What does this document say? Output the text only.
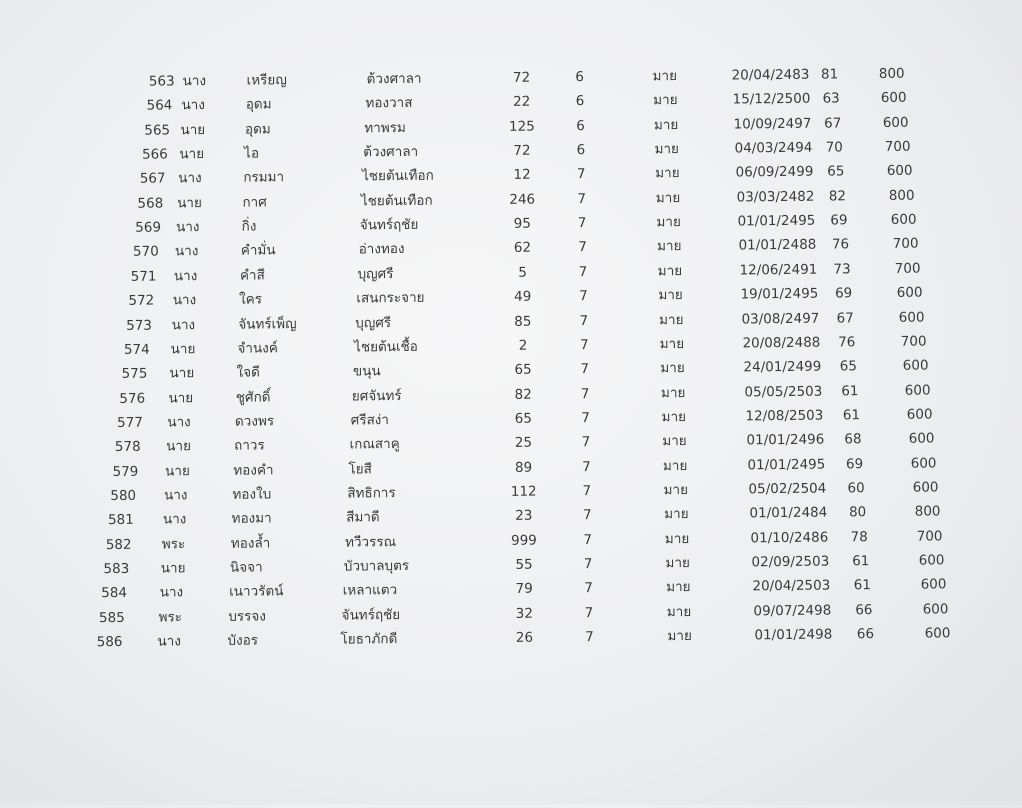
563 นาง	เหรียญ	ต้วงศาลา	72	6	มาย	20/04/2483 81	800
564 นาง	อุดม	ทองวาส	22	6	มาย	15/12/2500 63	600
565 นาย	อุดม	ทาพรม	125	6	มาย	10/09/2497 67	600
566 นาย	ไอ	ต้วงศาลา	72	6	มาย	04/03/2494 70	700
567 นาง	กรมมา	ไชยต้นเทือก	12	7	มาย	06/09/2499	65	600
568 นาย	กาศ	ไชยต้นเทือก	246	7	มาย	03/03/2482	82	800
569 นาง	กิ่ง	จันทร์ฤชัย	95	7	มาย	01/01/2495	69	600
570 นาง	คำมั่น	อ่างทอง	62	7	มาย	01/01/2488	76	700
571 นาง	คำสี	บุญศรี	5	7	มาย	12/06/2491	73	700
572 นาง	ใคร	เสนกระจาย	49	7	มาย	19/01/2495	69	600
573 นาง	จันทร์เพ็ญ	บุญศรี	85	7	มาย	03/08/2497	67	600
574 นาย	จำนงค์	ไชยต้นเชื้อ	2	7	มาย	20/08/2488	76	700
575 นาย	ใจดี	ขนุน	65	7	มาย	24/01/2499	65	600
576 นาย	ชูศักดิ์	ยศจันทร์	82	7	มาย	05/05/2503	61	600
577 นาง	ดวงพร	ศรีสง่า	65	7	มาย	12/08/2503	61	600
578 นาย	ถาวร	เกณสาคู	25	7	มาย	01/01/2496	68	600
579 นาย	ทองคำ	โยสี	89	7	มาย	01/01/2495	69	600
580 นาง	ทองใบ	สิทธิการ	112	7	มาย	05/02/2504	60	600
581 นาง	ทองมา	สีมาดี	23	7	มาย	01/01/2484	80	800
582 พระ	ทองล้ำ	ทวีวรรณ	999	7	มาย	01/10/2486	78	700
583 นาย	นิจจา	บัวบาลบุตร	55	7	มาย	02/09/2503	61	600
584 นาง	เนาวรัตน์	เหลาแตว	79	7	มาย	20/04/2503	61	600
585 พระ	บรรจง	จันทร์ฤชัย	32	7	มาย	09/07/2498	66	600
586	นาง	บังอร	โยธาภักดี	26	7	มาย	01/01/2498	66	600
